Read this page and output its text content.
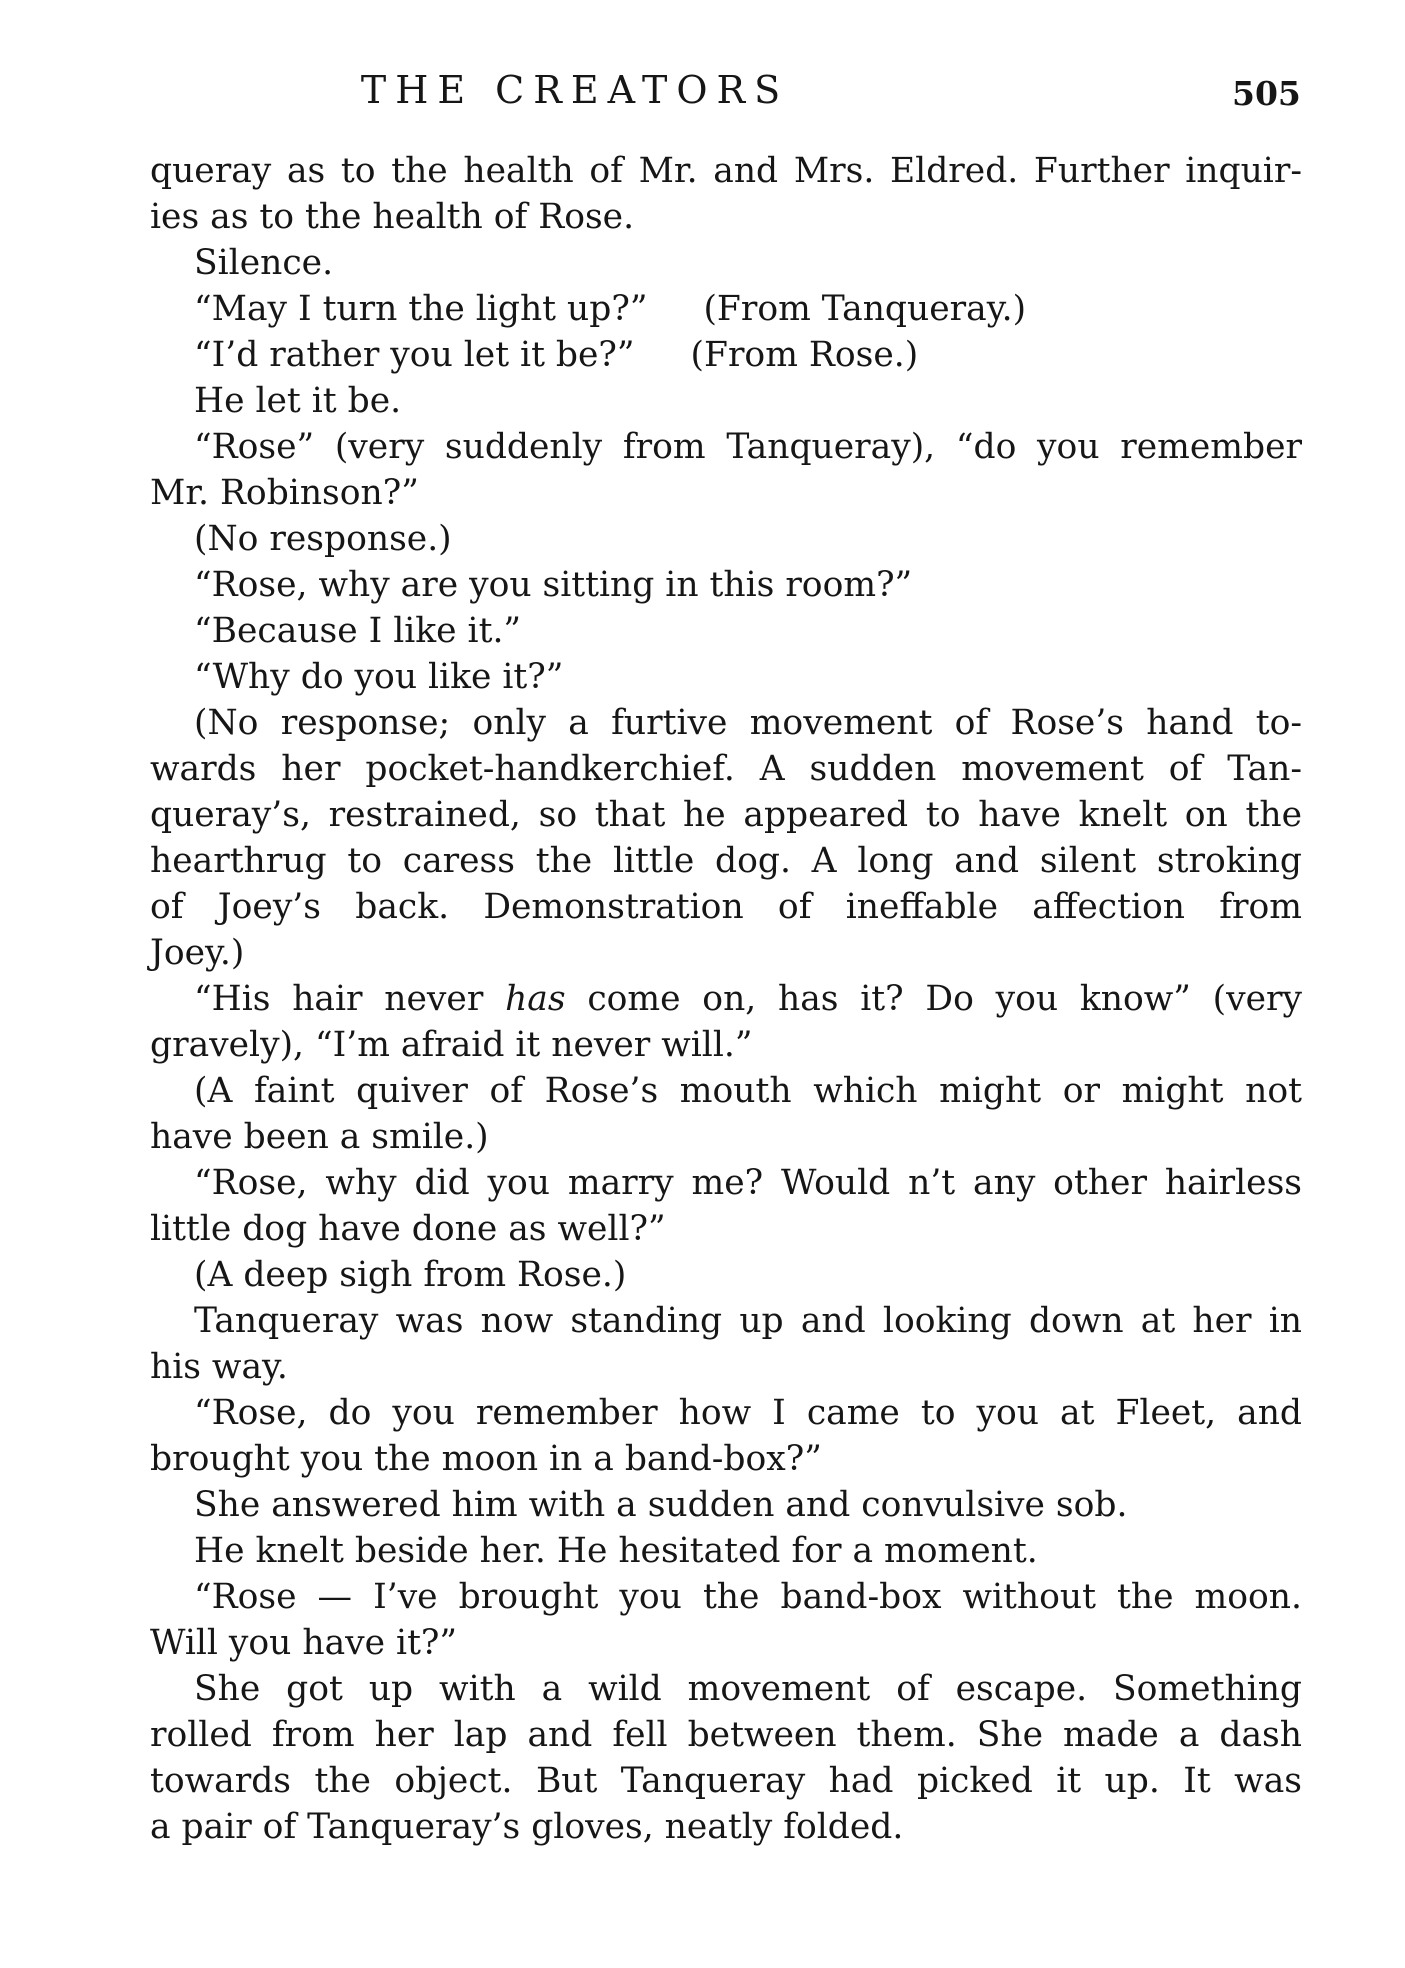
THE CREATORS	505

queray as to the health of Mr. and Mrs. Eldred. Further inquir-

ies as to the health of Rose.

Silence.

“May I turn the light up?” (From Tanqueray.)

“I’d rather you let it be?” (From Rose.)

He let it be.

“Rose” (very suddenly from Tanqueray), “do you remember

Mr. Robinson?”

(No response.)

“Rose, why are you sitting in this room?”

“Because I like it.”

“Why do you like it?”

(No response; only a furtive movement of Rose’s hand to-

wards her pocket-handkerchief. A sudden movement of Tan-

queray’s, restrained, so that he appeared to have knelt on the

hearthrug to caress the little dog. A long and silent stroking

of Joey’s back. Demonstration of ineffable affection from

Joey.)

“His hair never has come on, has it? Do you know” (very

gravely), “I’m afraid it never will.”

(A faint quiver of Rose’s mouth which might or might not

have been a smile.)

“Rose, why did you marry me? Would n’t any other hairless

little dog have done as well?”

(A deep sigh from Rose.)

Tanqueray was now standing up and looking down at her in

his way.

“Rose, do you remember how I came to you at Fleet, and

brought you the moon in a band-box?”

She answered him with a sudden and convulsive sob.

He knelt beside her. He hesitated for a moment.

“Rose — I’ve brought you the band-box without the moon.

Will you have it?”

She got up with a wild movement of escape. Something

rolled from her lap and fell between them. She made a dash

towards the object. But Tanqueray had picked it up. It was

a pair of Tanqueray’s gloves, neatly folded.
